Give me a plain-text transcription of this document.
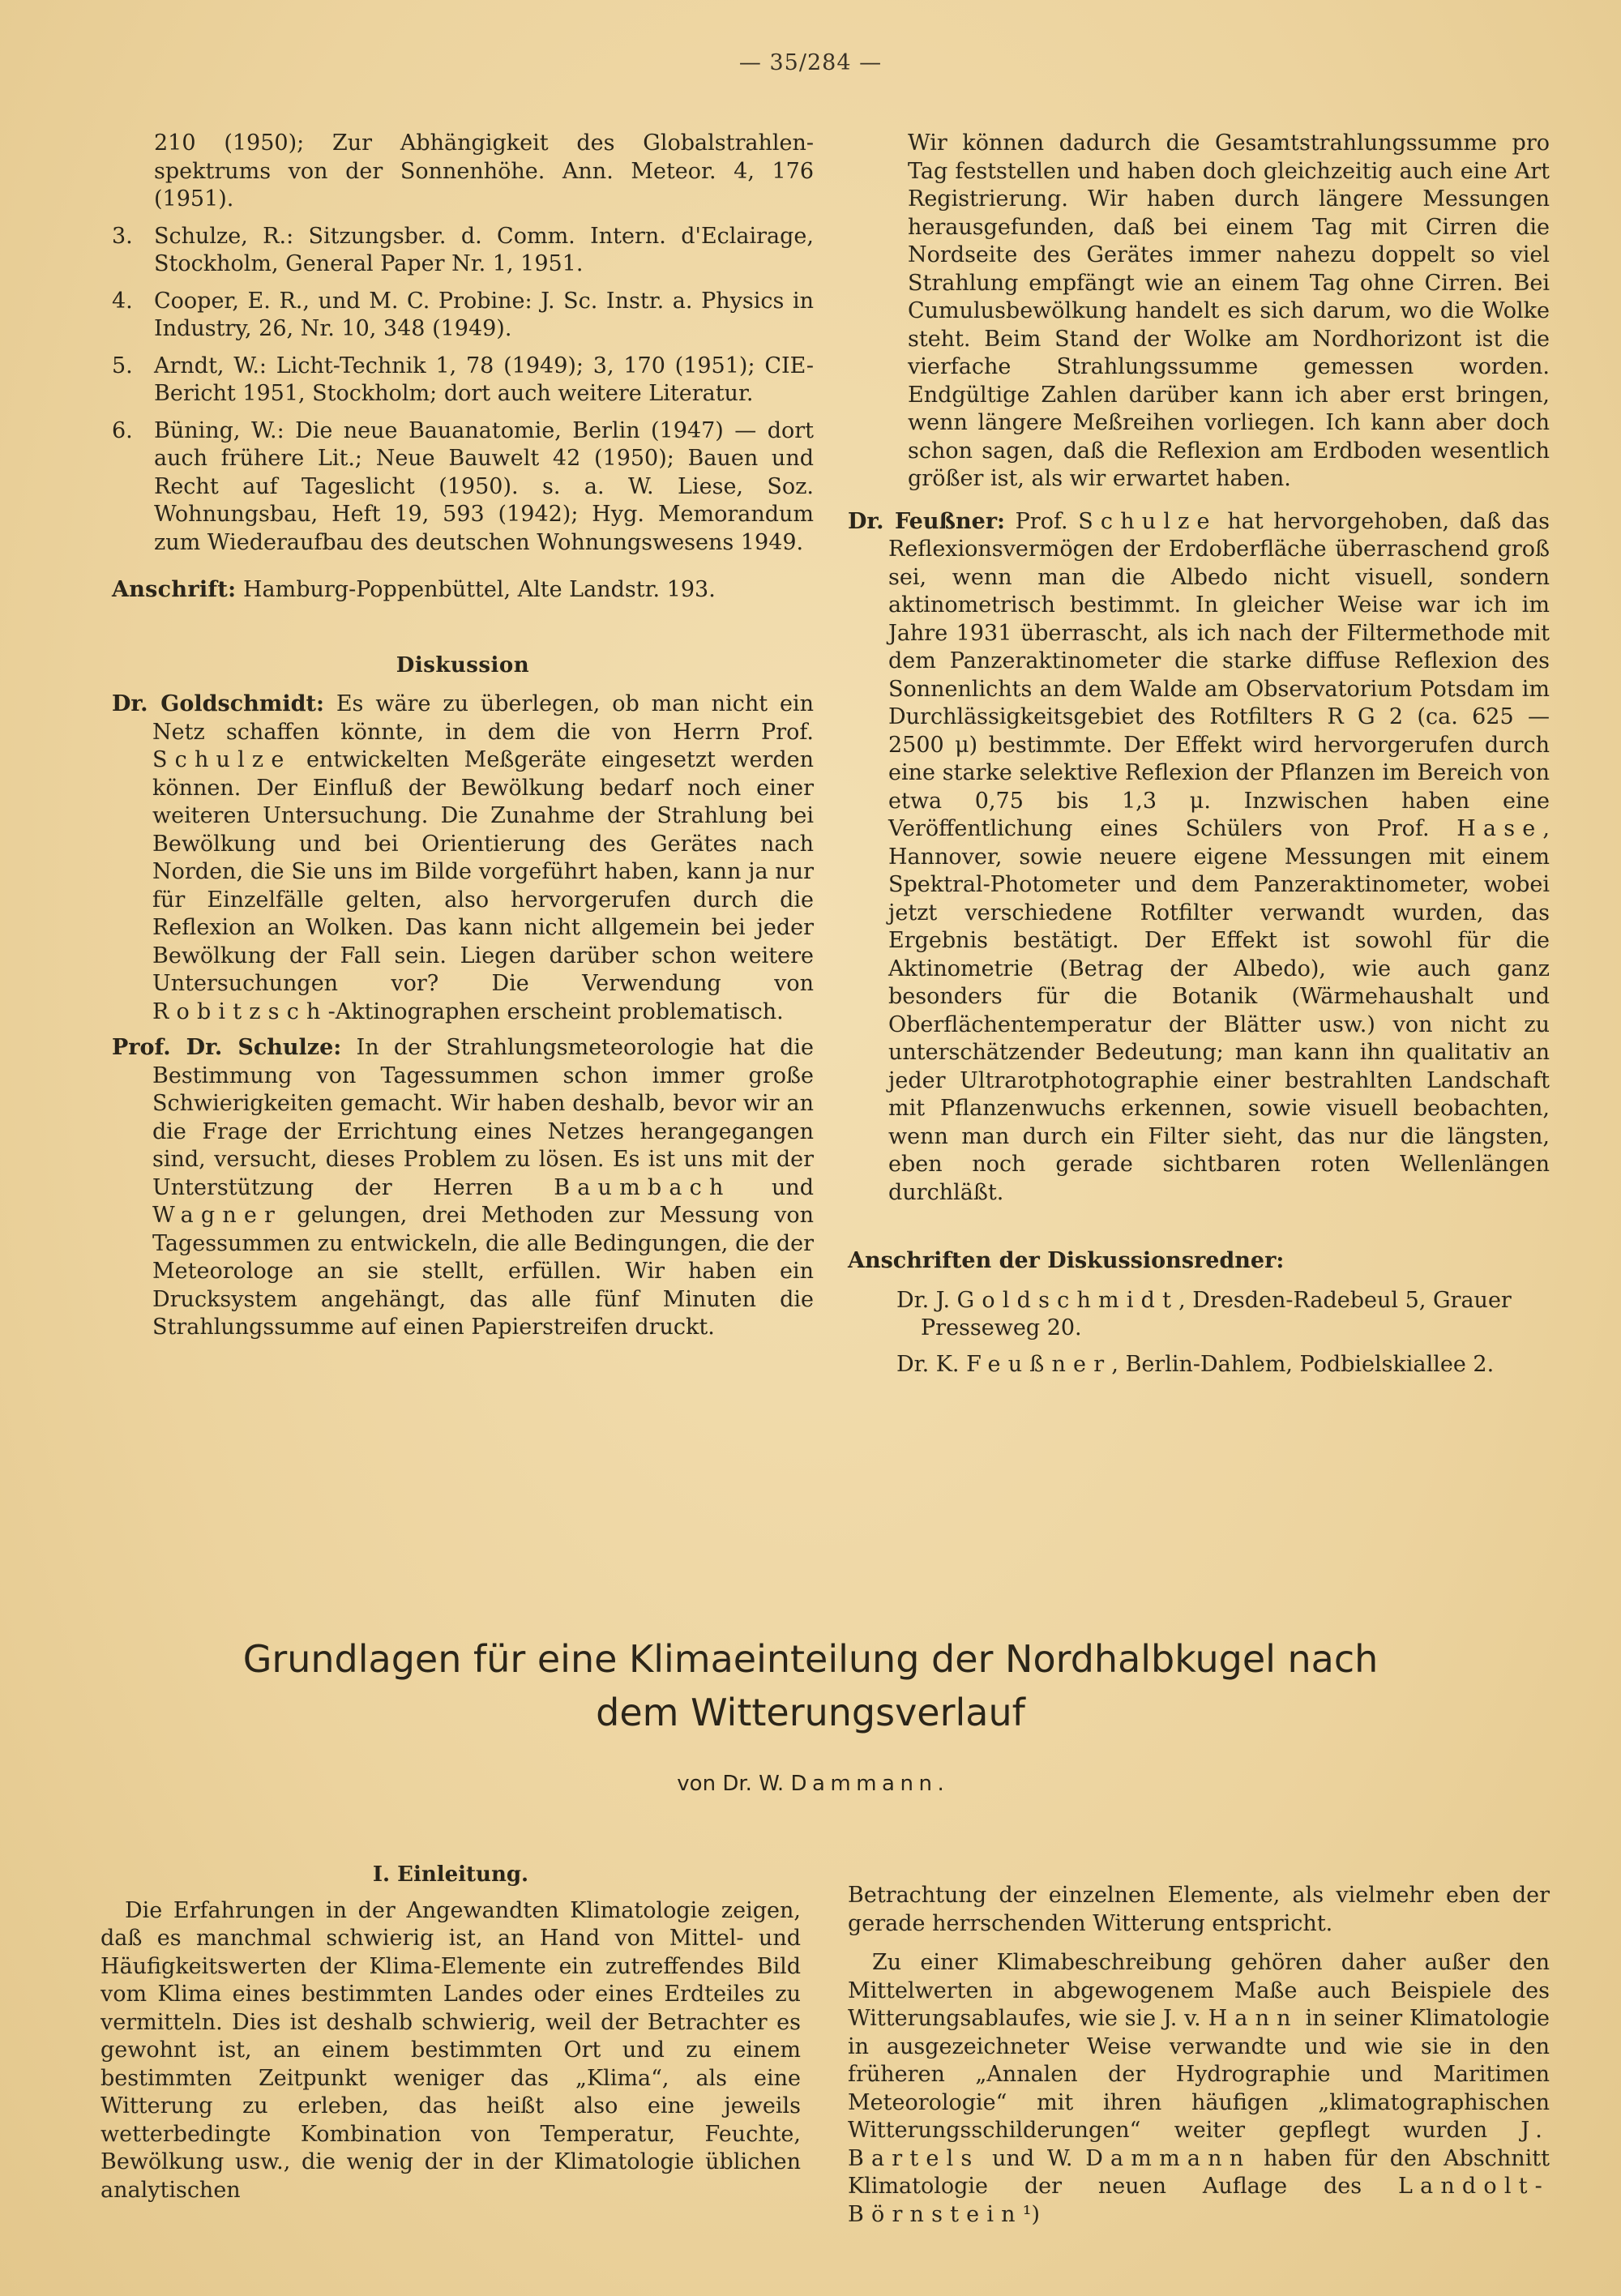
— 35/284 —
210 (1950); Zur Abhängigkeit des Globalstrahlen-spektrums von der Sonnenhöhe. Ann. Meteor. 4, 176 (1951).
3. Schulze, R.: Sitzungsber. d. Comm. Intern. d'Eclairage, Stockholm, General Paper Nr. 1, 1951.
4. Cooper, E. R., und M. C. Probine: J. Sc. Instr. a. Physics in Industry, 26, Nr. 10, 348 (1949).
5. Arndt, W.: Licht-Technik 1, 78 (1949); 3, 170 (1951); CIE-Bericht 1951, Stockholm; dort auch weitere Literatur.
6. Büning, W.: Die neue Bauanatomie, Berlin (1947) — dort auch frühere Lit.; Neue Bauwelt 42 (1950); Bauen und Recht auf Tageslicht (1950). s. a. W. Liese, Soz. Wohnungsbau, Heft 19, 593 (1942); Hyg. Memorandum zum Wiederaufbau des deutschen Wohnungswesens 1949.

Anschrift: Hamburg-Poppenbüttel, Alte Landstr. 193.

Diskussion

Dr. Goldschmidt: Es wäre zu überlegen, ob man nicht ein Netz schaffen könnte, in dem die von Herrn Prof. Schulze entwickelten Meßgeräte eingesetzt werden können. Der Einfluß der Bewölkung bedarf noch einer weiteren Untersuchung. Die Zunahme der Strahlung bei Bewölkung und bei Orientierung des Gerätes nach Norden, die Sie uns im Bilde vorgeführt haben, kann ja nur für Einzelfälle gelten, also hervorgerufen durch die Reflexion an Wolken. Das kann nicht allgemein bei jeder Bewölkung der Fall sein. Liegen darüber schon weitere Untersuchungen vor? Die Verwendung von Robitzsch-Aktinographen erscheint problematisch.

Prof. Dr. Schulze: In der Strahlungsmeteorologie hat die Bestimmung von Tagessummen schon immer große Schwierigkeiten gemacht. Wir haben deshalb, bevor wir an die Frage der Errichtung eines Netzes herangegangen sind, versucht, dieses Problem zu lösen. Es ist uns mit der Unterstützung der Herren Baumbach und Wagner gelungen, drei Methoden zur Messung von Tagessummen zu entwickeln, die alle Bedingungen, die der Meteorologe an sie stellt, erfüllen. Wir haben ein Drucksystem angehängt, das alle fünf Minuten die Strahlungssumme auf einen Papierstreifen druckt.

Wir können dadurch die Gesamtstrahlungssumme pro Tag feststellen und haben doch gleichzeitig auch eine Art Registrierung. Wir haben durch längere Messungen herausgefunden, daß bei einem Tag mit Cirren die Nordseite des Gerätes immer nahezu doppelt so viel Strahlung empfängt wie an einem Tag ohne Cirren. Bei Cumulusbewölkung handelt es sich darum, wo die Wolke steht. Beim Stand der Wolke am Nordhorizont ist die vierfache Strahlungssumme gemessen worden. Endgültige Zahlen darüber kann ich aber erst bringen, wenn längere Meßreihen vorliegen. Ich kann aber doch schon sagen, daß die Reflexion am Erdboden wesentlich größer ist, als wir erwartet haben.

Dr. Feußner: Prof. Schulze hat hervorgehoben, daß das Reflexionsvermögen der Erdoberfläche überraschend groß sei, wenn man die Albedo nicht visuell, sondern aktinometrisch bestimmt. In gleicher Weise war ich im Jahre 1931 überrascht, als ich nach der Filtermethode mit dem Panzeraktinometer die starke diffuse Reflexion des Sonnenlichts an dem Walde am Observatorium Potsdam im Durchlässigkeitsgebiet des Rotfilters R G 2 (ca. 625 — 2500 μ) bestimmte. Der Effekt wird hervorgerufen durch eine starke selektive Reflexion der Pflanzen im Bereich von etwa 0,75 bis 1,3 μ. Inzwischen haben eine Veröffentlichung eines Schülers von Prof. Hase, Hannover, sowie neuere eigene Messungen mit einem Spektral-Photometer und dem Panzeraktinometer, wobei jetzt verschiedene Rotfilter verwandt wurden, das Ergebnis bestätigt. Der Effekt ist sowohl für die Aktinometrie (Betrag der Albedo), wie auch ganz besonders für die Botanik (Wärmehaushalt und Oberflächentemperatur der Blätter usw.) von nicht zu unterschätzender Bedeutung; man kann ihn qualitativ an jeder Ultrarotphotographie einer bestrahlten Landschaft mit Pflanzenwuchs erkennen, sowie visuell beobachten, wenn man durch ein Filter sieht, das nur die längsten, eben noch gerade sichtbaren roten Wellenlängen durchläßt.

Anschriften der Diskussionsredner:

Dr. J. Goldschmidt, Dresden-Radebeul 5, Grauer Presseweg 20.

Dr. K. Feußner, Berlin-Dahlem, Podbielskiallee 2.

Grundlagen für eine Klimaeinteilung der Nordhalbkugel nach dem Witterungsverlauf
von Dr. W. Dammann.
I. Einleitung.

Die Erfahrungen in der Angewandten Klimatologie zeigen, daß es manchmal schwierig ist, an Hand von Mittel- und Häufigkeitswerten der Klima-Elemente ein zutreffendes Bild vom Klima eines bestimmten Landes oder eines Erdteiles zu vermitteln. Dies ist deshalb schwierig, weil der Betrachter es gewohnt ist, an einem bestimmten Ort und zu einem bestimmten Zeitpunkt weniger das „Klima“, als eine Witterung zu erleben, das heißt also eine jeweils wetterbedingte Kombination von Temperatur, Feuchte, Bewölkung usw., die wenig der in der Klimatologie üblichen analytischen

Betrachtung der einzelnen Elemente, als vielmehr eben der gerade herrschenden Witterung entspricht.

Zu einer Klimabeschreibung gehören daher außer den Mittelwerten in abgewogenem Maße auch Beispiele des Witterungsablaufes, wie sie J. v. Hann in seiner Klimatologie in ausgezeichneter Weise verwandte und wie sie in den früheren „Annalen der Hydrographie und Maritimen Meteorologie“ mit ihren häufigen „klimatographischen Witterungsschilderungen“ weiter gepflegt wurden J. Bartels und W. Dammann haben für den Abschnitt Klimatologie der neuen Auflage des Landolt-Börnstein¹)
